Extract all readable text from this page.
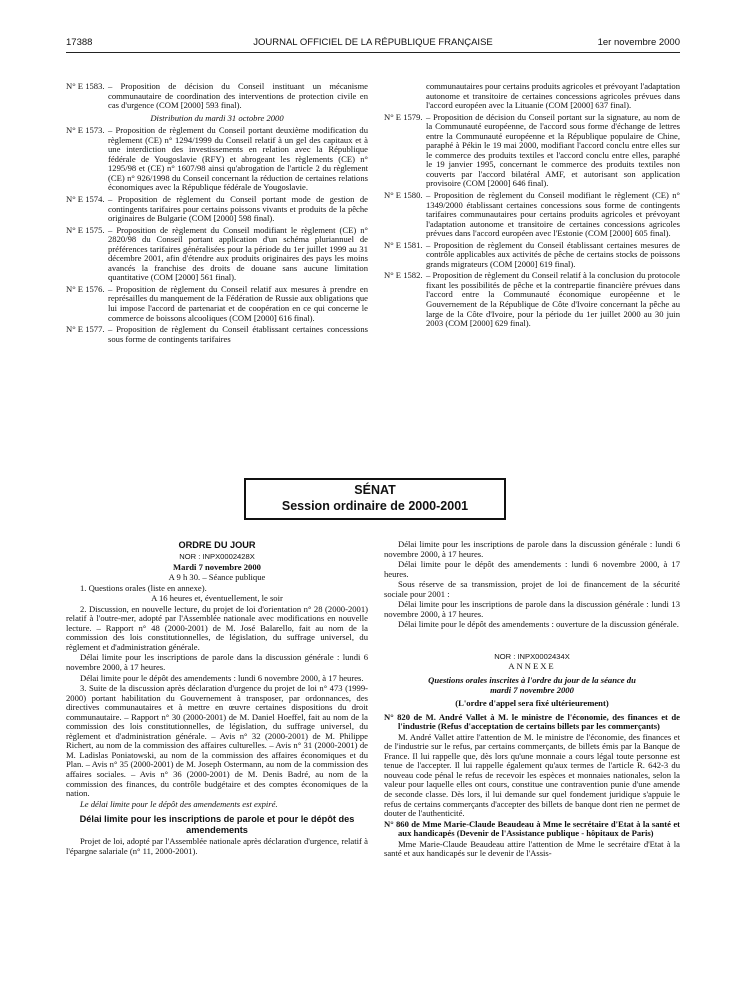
17388	JOURNAL OFFICIEL DE LA RÉPUBLIQUE FRANÇAISE	1er novembre 2000
N° E 1583. – Proposition de décision du Conseil instituant un mécanisme communautaire de coordination des interventions de protection civile en cas d'urgence (COM [2000] 593 final).
Distribution du mardi 31 octobre 2000
N° E 1573. – Proposition de règlement du Conseil portant deuxième modification du règlement (CE) n° 1294/1999 du Conseil relatif à un gel des capitaux et à une interdiction des investissements en relation avec la République fédérale de Yougoslavie (RFY) et abrogeant les règlements (CE) n° 1295/98 et (CE) n° 1607/98 ainsi qu'abrogation de l'article 2 du règlement (CE) n° 926/1998 du Conseil concernant la réduction de certaines relations économiques avec la République fédérale de Yougoslavie.
N° E 1574. – Proposition de règlement du Conseil portant mode de gestion de contingents tarifaires pour certains poissons vivants et produits de la pêche originaires de Bulgarie (COM [2000] 598 final).
N° E 1575. – Proposition de règlement du Conseil modifiant le règlement (CE) n° 2820/98 du Conseil portant application d'un schéma pluriannuel de préférences tarifaires généralisées pour la période du 1er juillet 1999 au 31 décembre 2001, afin d'étendre aux produits originaires des pays les moins avancés la franchise des droits de douane sans aucune limitation quantitative (COM [2000] 561 final).
N° E 1576. – Proposition de règlement du Conseil relatif aux mesures à prendre en représailles du manquement de la Fédération de Russie aux obligations que lui impose l'accord de partenariat et de coopération en ce qui concerne le commerce de boissons alcooliques (COM [2000] 616 final).
N° E 1577. – Proposition de règlement du Conseil établissant certaines concessions sous forme de contingents tarifaires
communautaires pour certains produits agricoles et prévoyant l'adaptation autonome et transitoire de certaines concessions agricoles prévues dans l'accord européen avec la Lituanie (COM [2000] 637 final).
N° E 1579. – Proposition de décision du Conseil portant sur la signature, au nom de la Communauté européenne, de l'accord sous forme d'échange de lettres entre la Communauté européenne et la République populaire de Chine, paraphé à Pékin le 19 mai 2000, modifiant l'accord conclu entre elles sur le commerce des produits textiles et l'accord conclu entre elles, paraphé le 19 janvier 1995, concernant le commerce des produits textiles non couverts par l'accord bilatéral AMF, et autorisant son application provisoire (COM [2000] 646 final).
N° E 1580. – Proposition de règlement du Conseil modifiant le règlement (CE) n° 1349/2000 établissant certaines concessions sous forme de contingents tarifaires communautaires pour certains produits agricoles et prévoyant l'adaptation autonome et transitoire de certaines concessions agricoles prévues dans l'accord européen avec l'Estonie (COM [2000] 605 final).
N° E 1581. – Proposition de règlement du Conseil établissant certaines mesures de contrôle applicables aux activités de pêche de certains stocks de poissons grands migrateurs (COM [2000] 619 final).
N° E 1582. – Proposition de règlement du Conseil relatif à la conclusion du protocole fixant les possibilités de pêche et la contrepartie financière prévues dans l'accord entre la Communauté économique européenne et le Gouvernement de la République de Côte d'Ivoire concernant la pêche au large de la Côte d'Ivoire, pour la période du 1er juillet 2000 au 30 juin 2003 (COM [2000] 629 final).
SÉNAT
Session ordinaire de 2000-2001

ORDRE DU JOUR

NOR : INPX0002428X

Mardi 7 novembre 2000

A 9 h 30. – Séance publique

1. Questions orales (liste en annexe).

A 16 heures et, éventuellement, le soir

2. Discussion, en nouvelle lecture, du projet de loi d'orientation n° 28 (2000-2001) relatif à l'outre-mer, adopté par l'Assemblée nationale avec modifications en nouvelle lecture. – Rapport n° 48 (2000-2001) de M. José Balarello, fait au nom de la commission des lois constitutionnelles, de législation, du suffrage universel, du règlement et d'administration générale.

Délai limite pour les inscriptions de parole dans la discussion générale : lundi 6 novembre 2000, à 17 heures.

Délai limite pour le dépôt des amendements : lundi 6 novembre 2000, à 17 heures.

3. Suite de la discussion après déclaration d'urgence du projet de loi n° 473 (1999-2000) portant habilitation du Gouvernement à transposer, par ordonnances, des directives communautaires et à mettre en œuvre certaines dispositions du droit communautaire. – Rapport n° 30 (2000-2001) de M. Daniel Hoeffel, fait au nom de la commission des lois constitutionnelles, de législation, du suffrage universel, du règlement et d'administration générale. – Avis n° 32 (2000-2001) de M. Philippe Richert, au nom de la commission des affaires culturelles. – Avis n° 31 (2000-2001) de M. Ladislas Poniatowski, au nom de la commission des affaires économiques et du Plan. – Avis n° 35 (2000-2001) de M. Joseph Ostermann, au nom de la commission des affaires sociales. – Avis n° 36 (2000-2001) de M. Denis Badré, au nom de la commission des finances, du contrôle budgétaire et des comptes économiques de la nation.

Le délai limite pour le dépôt des amendements est expiré.

Délai limite pour les inscriptions de parole et pour le dépôt des amendements

Projet de loi, adopté par l'Assemblée nationale après déclaration d'urgence, relatif à l'épargne salariale (n° 11, 2000-2001).

Délai limite pour les inscriptions de parole dans la discussion générale : lundi 6 novembre 2000, à 17 heures.

Délai limite pour le dépôt des amendements : lundi 6 novembre 2000, à 17 heures.

Sous réserve de sa transmission, projet de loi de financement de la sécurité sociale pour 2001 :

Délai limite pour les inscriptions de parole dans la discussion générale : lundi 13 novembre 2000, à 17 heures.

Délai limite pour le dépôt des amendements : ouverture de la discussion générale.

NOR : INPX0002434X

ANNEXE

Questions orales inscrites à l'ordre du jour de la séance du mardi 7 novembre 2000

(L'ordre d'appel sera fixé ultérieurement)

N° 820 de M. André Vallet à M. le ministre de l'économie, des finances et de l'industrie (Refus d'acceptation de certains billets par les commerçants)

M. André Vallet attire l'attention de M. le ministre de l'économie, des finances et de l'industrie sur le refus, par certains commerçants, de billets émis par la Banque de France. Il lui rappelle que, dès lors qu'une monnaie a cours légal toute personne est tenue de l'accepter. Il lui rappelle également qu'aux termes de l'article R. 642-3 du nouveau code pénal le refus de recevoir les espèces et monnaies nationales, selon la valeur pour laquelle elles ont cours, constitue une contravention punie d'une amende de seconde classe. Dès lors, il lui demande sur quel fondement juridique s'appuie le refus de certains commerçants d'accepter des billets de banque dont rien ne permet de douter de l'authenticité.

N° 860 de Mme Marie-Claude Beaudeau à Mme le secrétaire d'Etat à la santé et aux handicapés (Devenir de l'Assistance publique - hôpitaux de Paris)

Mme Marie-Claude Beaudeau attire l'attention de Mme le secrétaire d'Etat à la santé et aux handicapés sur le devenir de l'Assis-
